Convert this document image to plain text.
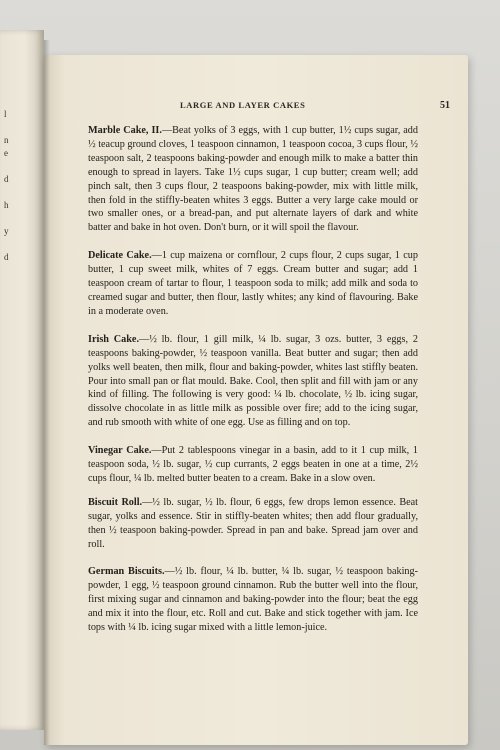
l
n
e
d
h
y
d
LARGE AND LAYER CAKES	51

Marble Cake, II.—Beat yolks of 3 eggs, with 1 cup butter, 1½ cups sugar, add ½ teacup ground cloves, 1 teaspoon cinnamon, 1 teaspoon cocoa, 3 cups flour, ½ teaspoon salt, 2 teaspoons baking-powder and enough milk to make a batter thin enough to spread in layers. Take 1½ cups sugar, 1 cup butter; cream well; add pinch salt, then 3 cups flour, 2 teaspoons baking-powder, mix with little milk, then fold in the stiffly-beaten whites 3 eggs. Butter a very large cake mould or two smaller ones, or a bread-pan, and put alternate layers of dark and white batter and bake in hot oven. Don't burn, or it will spoil the flavour.

Delicate Cake.—1 cup maizena or cornflour, 2 cups flour, 2 cups sugar, 1 cup butter, 1 cup sweet milk, whites of 7 eggs. Cream butter and sugar; add 1 teaspoon cream of tartar to flour, 1 teaspoon soda to milk; add milk and soda to creamed sugar and butter, then flour, lastly whites; any kind of flavouring. Bake in a moderate oven.

Irish Cake.—½ lb. flour, 1 gill milk, ¼ lb. sugar, 3 ozs. butter, 3 eggs, 2 teaspoons baking-powder, ½ teaspoon vanilla. Beat butter and sugar; then add yolks well beaten, then milk, flour and baking-powder, whites last stiffly beaten. Pour into small pan or flat mould. Bake. Cool, then split and fill with jam or any kind of filling. The following is very good: ¼ lb. chocolate, ½ lb. icing sugar, dissolve chocolate in as little milk as possible over fire; add to the icing sugar, and rub smooth with white of one egg. Use as filling and on top.

Vinegar Cake.—Put 2 tablespoons vinegar in a basin, add to it 1 cup milk, 1 teaspoon soda, ½ lb. sugar, ½ cup currants, 2 eggs beaten in one at a time, 2½ cups flour, ¼ lb. melted butter beaten to a cream. Bake in a slow oven.

Biscuit Roll.—½ lb. sugar, ½ lb. flour, 6 eggs, few drops lemon essence. Beat sugar, yolks and essence. Stir in stiffly-beaten whites; then add flour gradually, then ½ teaspoon baking-powder. Spread in pan and bake. Spread jam over and roll.

German Biscuits.—½ lb. flour, ¼ lb. butter, ¼ lb. sugar, ½ teaspoon baking-powder, 1 egg, ½ teaspoon ground cinnamon. Rub the butter well into the flour, first mixing sugar and cinnamon and baking-powder into the flour; beat the egg and mix it into the flour, etc. Roll and cut. Bake and stick together with jam. Ice tops with ¼ lb. icing sugar mixed with a little lemon-juice.
